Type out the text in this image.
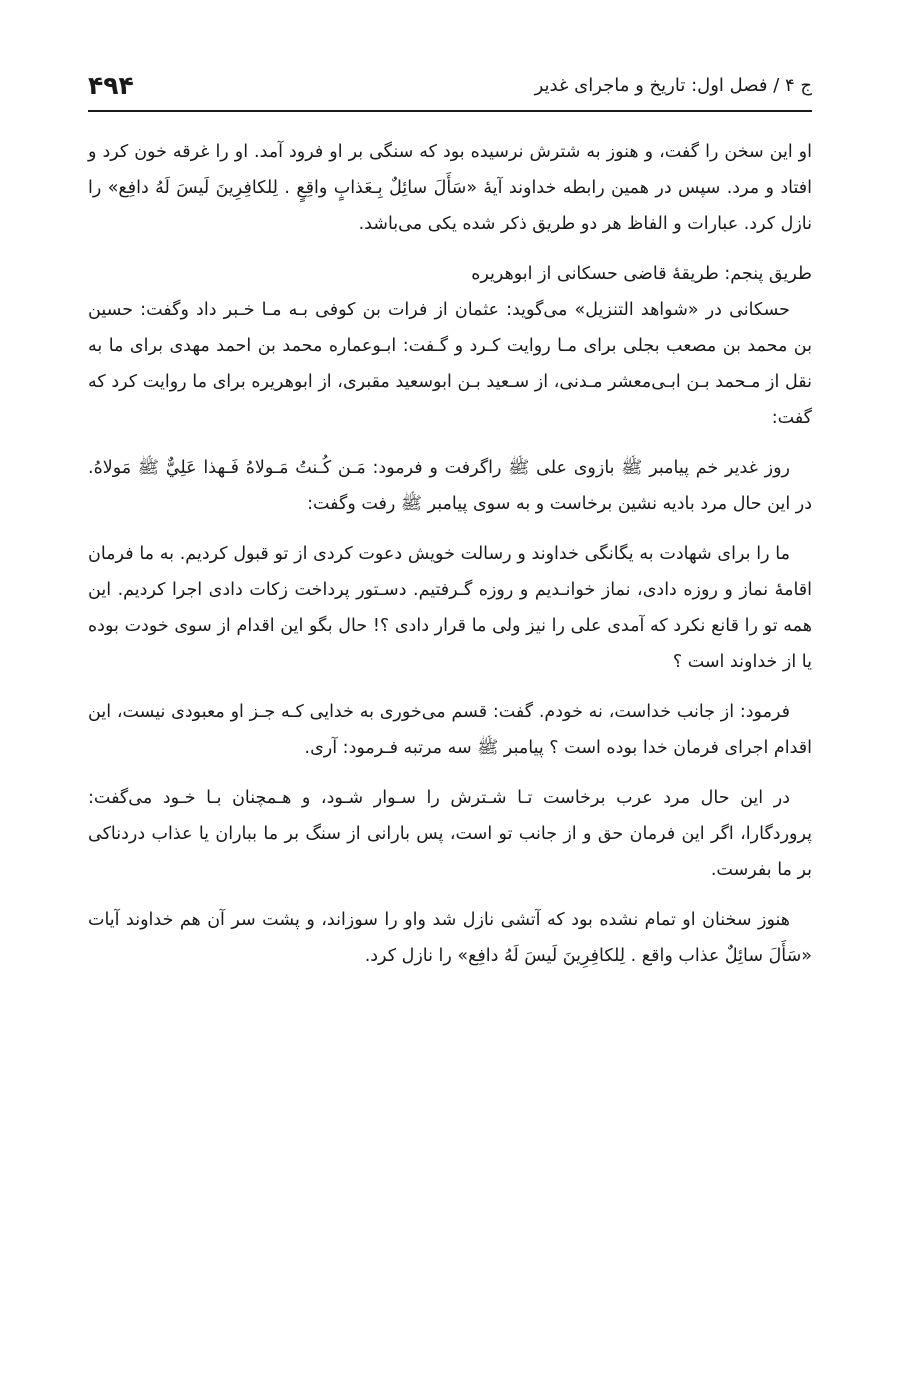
ج ۴ / فصل اول: تاریخ و ماجرای غدیر
۴۹۴

او این سخن را گفت، و هنوز به شترش نرسیده بود که سنگی بر او فرود آمد. او را غرقه خون کرد و افتاد و مرد. سپس در همین رابطه خداوند آیهٔ «سَأَلَ سائِلٌ بِـعَذابٍ واقِعٍ . لِلكافِرِينَ لَيسَ لَهُ دافِع» را نازل کرد. عبارات و الفاظ هر دو طریق ذکر شده یکی می‌باشد.

طریق پنجم: طریقهٔ قاضی حسکانی از ابوهریره

حسکانی در «شواهد التنزیل» می‌گوید: عثمان از فرات بن کوفی بـه مـا خـبر داد وگفت: حسین بن محمد بن مصعب بجلی برای مـا روایت کـرد و گـفت: ابـوعماره محمد بن احمد مهدی برای ما به نقل از مـحمد بـن ابـی‌معشر مـدنی، از سـعید بـن ابوسعید مقبری، از ابوهریره برای ما روایت کرد که گفت:

روز غدیر خم پیامبر ﷺ بازوی علی ﷺ راگرفت و فرمود: مَـن کُـنتُ مَـولاهُ فَـهذا عَلِيٌّ ﷺ مَولاهُ. در این حال مرد بادیه نشین برخاست و به سوی پیامبر ﷺ رفت وگفت:

ما را برای شهادت به یگانگی خداوند و رسالت خویش دعوت کردی از تو قبول کردیم. به ما فرمان اقامهٔ نماز و روزه دادی، نماز خوانـدیم و روزه گـرفتیم. دسـتور پرداخت زکات دادی اجرا کردیم. این همه تو را قانع نکرد که آمدی علی را نیز ولی ما قرار دادی ؟! حال بگو این اقدام از سوی خودت بوده یا از خداوند است ؟

فرمود: از جانب خداست، نه خودم. گفت: قسم می‌خوری به خدایی کـه جـز او معبودی نیست، این اقدام اجرای فرمان خدا بوده است ؟ پیامبر ﷺ سه مرتبه فـرمود: آری.

در این حال مرد عرب برخاست تـا شـترش را سـوار شـود، و هـمچنان بـا خـود می‌گفت: پروردگارا، اگر این فرمان حق و از جانب تو است، پس بارانی از سنگ بر ما بباران یا عذاب دردناکی بر ما بفرست.

هنوز سخنان او تمام نشده بود که آتشی نازل شد واو را سوزاند، و پشت سر آن هم خداوند آیات «سَأَلَ سائِلٌ عذاب واقع . لِلكافِرِينَ لَيسَ لَهُ دافِع» را نازل کرد.
